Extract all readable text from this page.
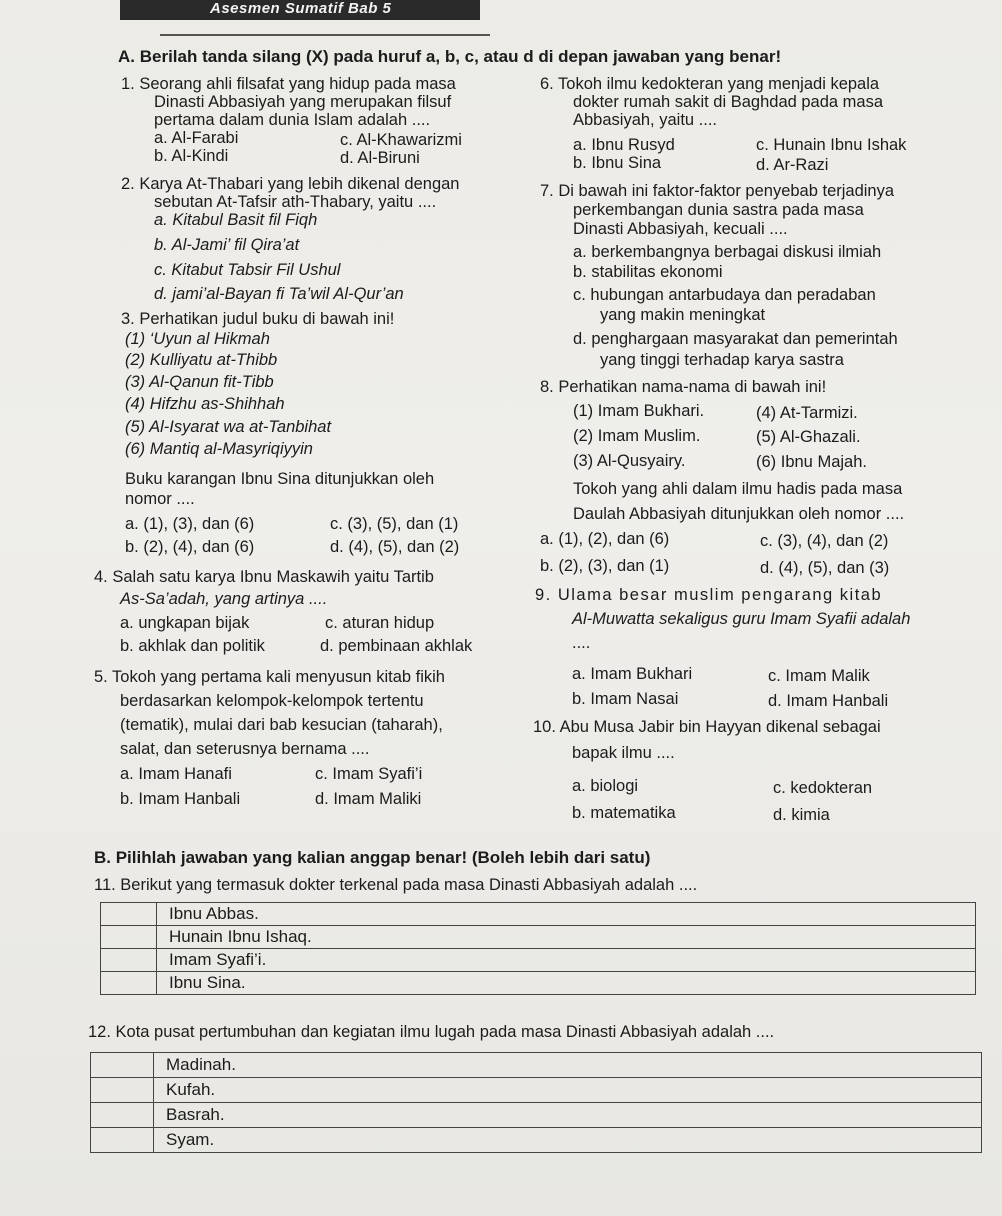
Asesmen Sumatif Bab 5
A. Berilah tanda silang (X) pada huruf a, b, c, atau d di depan jawaban yang benar!
1. Seorang ahli filsafat yang hidup pada masa
Dinasti Abbasiyah yang merupakan filsuf
pertama dalam dunia Islam adalah ....
a. Al-Farabi	c. Al-Khawarizmi
b. Al-Kindi	d. Al-Biruni
2. Karya At-Thabari yang lebih dikenal dengan
sebutan At-Tafsir ath-Thabary, yaitu ....
a. Kitabul Basit fil Fiqh
b. Al-Jami’ fil Qira’at
c. Kitabut Tabsir Fil Ushul
d. jami’al-Bayan fi Ta’wil Al-Qur’an
3. Perhatikan judul buku di bawah ini!
(1) ‘Uyun al Hikmah
(2) Kulliyatu at-Thibb
(3) Al-Qanun fit-Tibb
(4) Hifzhu as-Shihhah
(5) Al-Isyarat wa at-Tanbihat
(6) Mantiq al-Masyriqiyyin
Buku karangan Ibnu Sina ditunjukkan oleh
nomor ....
a. (1), (3), dan (6)	c. (3), (5), dan (1)
b. (2), (4), dan (6)	d. (4), (5), dan (2)
4. Salah satu karya Ibnu Maskawih yaitu Tartib
As-Sa’adah, yang artinya ....
a. ungkapan bijak	c. aturan hidup
b. akhlak dan politik	d. pembinaan akhlak
5. Tokoh yang pertama kali menyusun kitab fikih
berdasarkan kelompok-kelompok tertentu
(tematik), mulai dari bab kesucian (taharah),
salat, dan seterusnya bernama ....
a. Imam Hanafi	c. Imam Syafi’i
b. Imam Hanbali	d. Imam Maliki
6. Tokoh ilmu kedokteran yang menjadi kepala
dokter rumah sakit di Baghdad pada masa
Abbasiyah, yaitu ....
a. Ibnu Rusyd	c. Hunain Ibnu Ishak
b. Ibnu Sina	d. Ar-Razi
7. Di bawah ini faktor-faktor penyebab terjadinya
perkembangan dunia sastra pada masa
Dinasti Abbasiyah, kecuali ....
a. berkembangnya berbagai diskusi ilmiah
b. stabilitas ekonomi
c. hubungan antarbudaya dan peradaban
yang makin meningkat
d. penghargaan masyarakat dan pemerintah
yang tinggi terhadap karya sastra
8. Perhatikan nama-nama di bawah ini!
(1) Imam Bukhari.	(4) At-Tarmizi.
(2) Imam Muslim.	(5) Al-Ghazali.
(3) Al-Qusyairy.	(6) Ibnu Majah.
Tokoh yang ahli dalam ilmu hadis pada masa
Daulah Abbasiyah ditunjukkan oleh nomor ....
a. (1), (2), dan (6)	c. (3), (4), dan (2)
b. (2), (3), dan (1)	d. (4), (5), dan (3)
9. Ulama besar muslim pengarang kitab
Al-Muwatta sekaligus guru Imam Syafii adalah
....
a. Imam Bukhari	c. Imam Malik
b. Imam Nasai	d. Imam Hanbali
10. Abu Musa Jabir bin Hayyan dikenal sebagai
bapak ilmu ....
a. biologi	c. kedokteran
b. matematika	d. kimia
B. Pilihlah jawaban yang kalian anggap benar! (Boleh lebih dari satu)
11. Berikut yang termasuk dokter terkenal pada masa Dinasti Abbasiyah adalah ....
	Ibnu Abbas.
	Hunain Ibnu Ishaq.
	Imam Syafi’i.
	Ibnu Sina.
12. Kota pusat pertumbuhan dan kegiatan ilmu lugah pada masa Dinasti Abbasiyah adalah ....
	Madinah.
	Kufah.
	Basrah.
	Syam.
